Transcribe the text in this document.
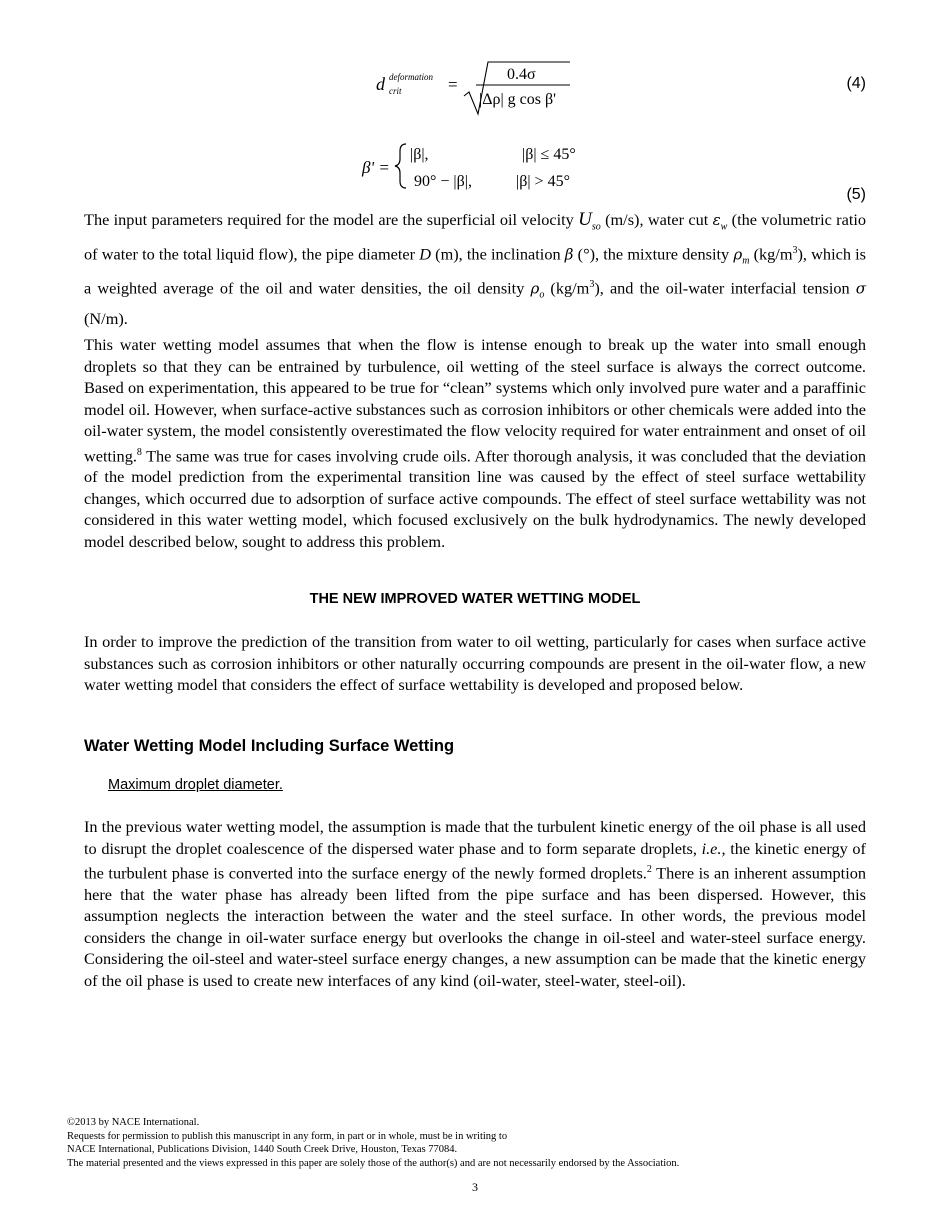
d deformation
crit	=
0.4σ
|Δρ| g cos β'
(4)
β' =
|β|,	|β| ≤ 45°
90° − |β|,	|β| > 45°
(5)

The input parameters required for the model are the superficial oil velocity $U_{so}$ (m/s), water cut $\varepsilon_w$ (the volumetric ratio of water to the total liquid flow), the pipe diameter D (m), the inclination β (°), the mixture density $\rho_m$ $(kg/m^3)$, which is a weighted average of the oil and water densities, the oil density $\rho_o$ $(kg/m^3)$, and the oil-water interfacial tension σ (N/m).

This water wetting model assumes that when the flow is intense enough to break up the water into small enough droplets so that they can be entrained by turbulence, oil wetting of the steel surface is always the correct outcome. Based on experimentation, this appeared to be true for “clean” systems which only involved pure water and a paraffinic model oil. However, when surface-active substances such as corrosion inhibitors or other chemicals were added into the oil-water system, the model consistently overestimated the flow velocity required for water entrainment and onset of oil wetting.$^8$ The same was true for cases involving crude oils. After thorough analysis, it was concluded that the deviation of the model prediction from the experimental transition line was caused by the effect of steel surface wettability changes, which occurred due to adsorption of surface active compounds. The effect of steel surface wettability was not considered in this water wetting model, which focused exclusively on the bulk hydrodynamics. The newly developed model described below, sought to address this problem.

THE NEW IMPROVED WATER WETTING MODEL

In order to improve the prediction of the transition from water to oil wetting, particularly for cases when surface active substances such as corrosion inhibitors or other naturally occurring compounds are present in the oil-water flow, a new water wetting model that considers the effect of surface wettability is developed and proposed below.

Water Wetting Model Including Surface Wetting
Maximum droplet diameter.

In the previous water wetting model, the assumption is made that the turbulent kinetic energy of the oil phase is all used to disrupt the droplet coalescence of the dispersed water phase and to form separate droplets, i.e., the kinetic energy of the turbulent phase is converted into the surface energy of the newly formed droplets.$^2$ There is an inherent assumption here that the water phase has already been lifted from the pipe surface and has been dispersed. However, this assumption neglects the interaction between the water and the steel surface. In other words, the previous model considers the change in oil-water surface energy but overlooks the change in oil-steel and water-steel surface energy. Considering the oil-steel and water-steel surface energy changes, a new assumption can be made that the kinetic energy of the oil phase is used to create new interfaces of any kind (oil-water, steel-water, steel-oil).

©2013 by NACE International.
Requests for permission to publish this manuscript in any form, in part or in whole, must be in writing to
NACE International, Publications Division, 1440 South Creek Drive, Houston, Texas 77084.
The material presented and the views expressed in this paper are solely those of the author(s) and are not necessarily endorsed by the Association.
3
